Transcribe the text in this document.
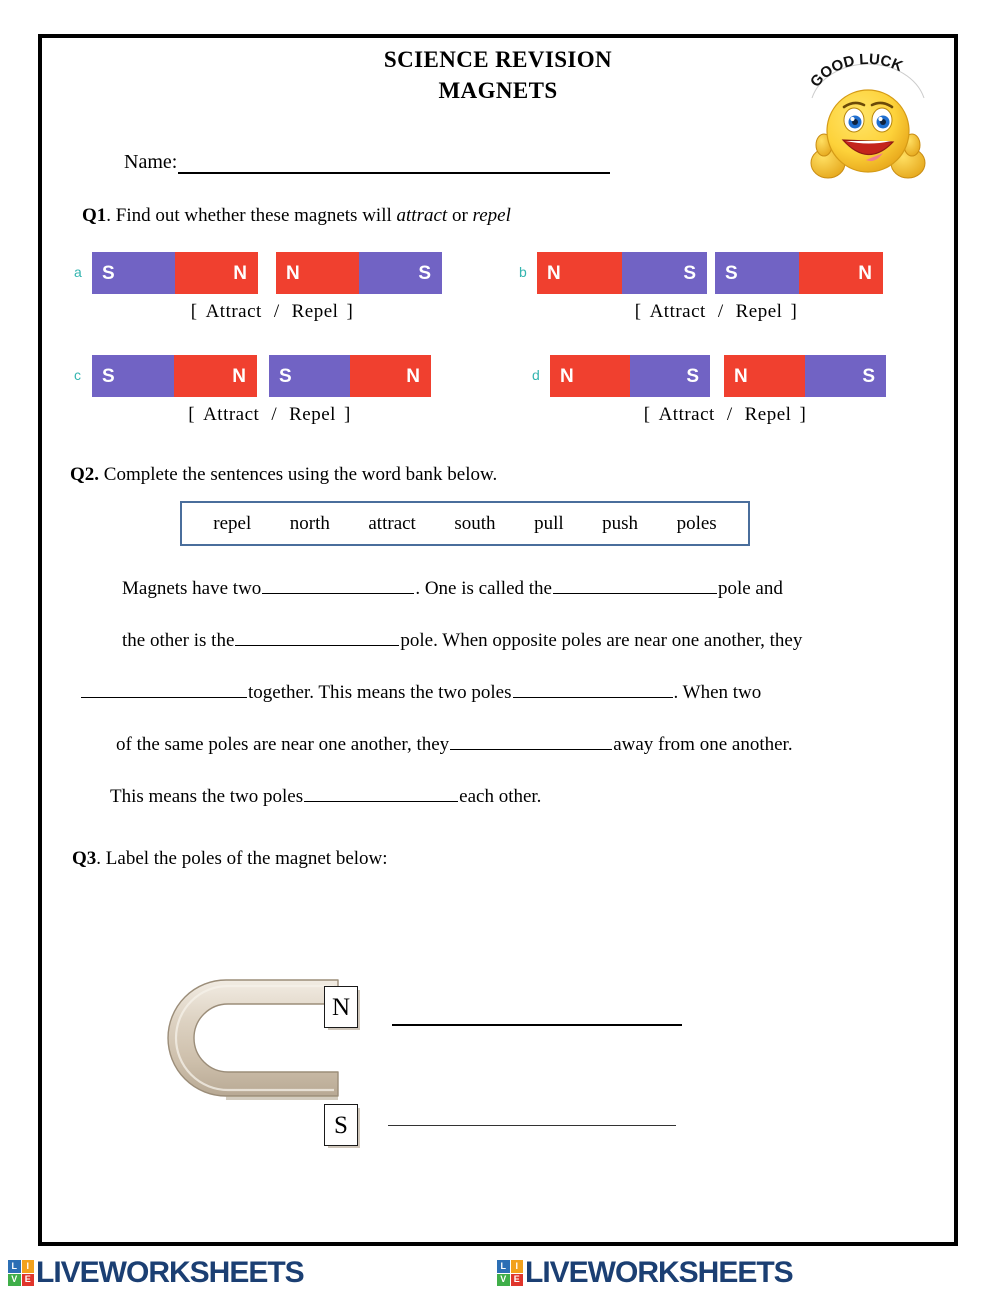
SCIENCE REVISION
MAGNETS	GOOD LUCK
Name:
Q1. Find out whether these magnets will attract or repel
a S	N N	S
[ Attract / Repel ]
b N	S S	N
[ Attract / Repel ]
c S	N S	N
[ Attract / Repel ]
d N	S N	S
[ Attract / Repel ]
Q2. Complete the sentences using the word bank below.
repel north attract south pull push poles
Magnets have two	. One is called the	pole and
the other is the	pole. When opposite poles are near one another, they
together. This means the two poles	. When two
of the same poles are near one another, they	away from one another.
This means the two poles	each other.
Q3. Label the poles of the magnet below:
N
S
L	I
V E LIVEWORKSHEETS	L	I
V E LIVEWORKSHEETS
